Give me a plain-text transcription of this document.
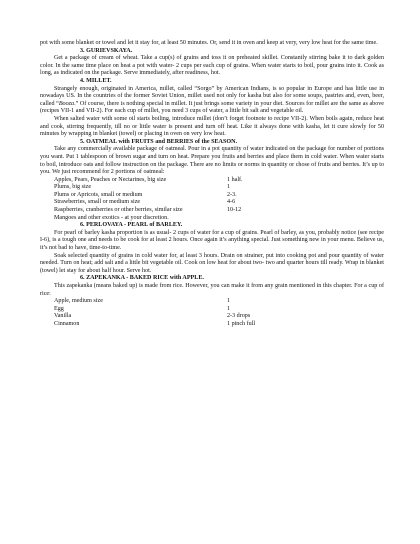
pot with some blanket or towel and let it stay for, at least 50 minutes. Or, send it in oven and keep at very, very low heat for the same time.

3. GURIEVSKAYA.

Get a package of cream of wheat. Take a cup(s) of grains and toss it on preheated skillet. Constantly stirring bake it to dark golden color. In the same time place on heat a pot with water- 2 cups per each cup of grains. When water starts to boil, pour grains into it. Cook as long, as indicated on the package. Serve immediately, after readiness, hot.

4. MILLET.

Strangely enough, originated in America, millet, called “Sorgo” by American Indians, is so popular in Europe and has little use in nowadays US. In the countries of the former Soviet Union, millet used not only for kasha but also for some soups, pastries and, even, beer, called “Booza.” Of course, there is nothing special in millet. It just brings some variety in your diet. Sources for millet are the same as above (recipes VII-1 and VII-2). For each cup of millet, you need 3 cups of water, a little bit salt and vegetable oil.

When salted water with some oil starts boiling, introduce millet (don’t forget footnote to recipe VII-2). When boils again, reduce heat and cook, stirring frequently, till no or little water is present and turn off heat. Like it always done with kasha, let it cure slowly for 50 minutes by wrapping in blanket (towel) or placing in oven on very low heat.

5. OATMEAL with FRUITS and BERRIES of the SEASON.

Take any commercially available package of oatmeal. Pour in a pot quantity of water indicated on the package for number of portions you want. Put 1 tablespoon of brown sugar and turn on heat. Prepare you fruits and berries and place them in cold water. When water starts to boil, introduce oats and follow instruction on the package. There are no limits or norms in quantity or chose of fruits and berries. It’s up to you. We just recommend for 2 portions of oatmeal:

Apples, Pears, Peaches or Nectarines, big size	1 half.
Plums, big size	1
Plums or Apricots, small or medium	2-3.
Strawberries, small or medium size	4-6
Raspberries, cranberries or other berries, similar size	10-12

Mangoes and other exotics - at your discretion.

6. PERLOVAYA - PEARL of BARLEY.

For pearl of barley kasha proportion is as usual- 2 cups of water for a cup of grains. Pearl of barley, as you, probably notice (see recipe I-6), is a tough one and needs to be cook for at least 2 hours. Once again it’s anything special. Just something new in your menu. Believe us, it’s not bad to have, time-to-time.

Soak selected quantity of grains in cold water for, at least 3 hours. Drain on strainer, put into cooking pot and pour quantity of water needed. Turn on heat; add salt and a little bit vegetable oil. Cook on low heat for about two- two and quarter hours till ready. Wrap in blanket (towel) let stay for about half hour. Serve hot.

6. ZAPEKANKA - BAKED RICE with APPLE.

This zapekanka (means baked up) is made from rice. However, you can make it from any grain mentioned in this chapter. For a cup of rice:

Apple, medium size	1
Egg	1
Vanilla	2-3 drops
Cinnamon	1 pinch full
